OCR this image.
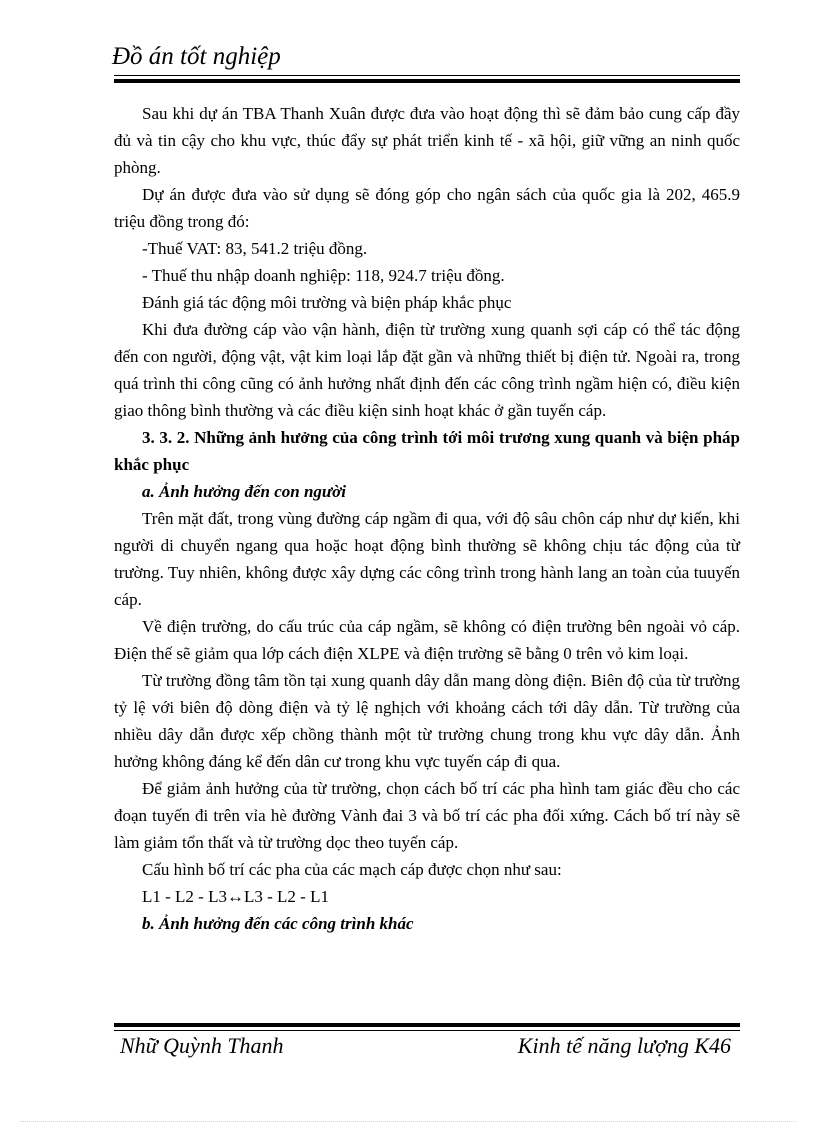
Đồ án tốt nghiệp

Sau khi dự án TBA Thanh Xuân được đưa vào hoạt động thì sẽ đảm bảo cung cấp đầy đủ và tin cậy cho khu vực, thúc đẩy sự phát triển kinh tế - xã hội, giữ vững an ninh quốc phòng.

Dự án được đưa vào sử dụng sẽ đóng góp cho ngân sách của quốc gia là 202, 465.9 triệu đồng trong đó:

-Thuế VAT: 83, 541.2 triệu đồng.

- Thuế thu nhập doanh nghiệp: 118, 924.7 triệu đồng.

Đánh giá tác động môi trường và biện pháp khắc phục

Khi đưa đường cáp vào vận hành, điện từ trường xung quanh sợi cáp có thể tác động đến con người, động vật, vật kim loại lắp đặt gần và những thiết bị điện tử. Ngoài ra, trong quá trình thi công cũng có ảnh hưởng nhất định đến các công trình ngầm hiện có, điều kiện giao thông bình thường và các điều kiện sinh hoạt khác ở gần tuyến cáp.

3. 3. 2. Những ảnh hưởng của công trình tới môi trương xung quanh và biện pháp khắc phục

a. Ảnh hưởng đến con người

Trên mặt đất, trong vùng đường cáp ngầm đi qua, với độ sâu chôn cáp như dự kiến, khi người di chuyển ngang qua hoặc hoạt động bình thường sẽ không chịu tác động của từ trường. Tuy nhiên, không được xây dựng các công trình trong hành lang an toàn của tuuyến cáp.

Về điện trường, do cấu trúc của cáp ngầm, sẽ không có điện trường bên ngoài vỏ cáp. Điện thế sẽ giảm qua lớp cách điện XLPE và điện trường sẽ bằng 0 trên vỏ kim loại.

Từ trường đồng tâm tồn tại xung quanh dây dẫn mang dòng điện. Biên độ của từ trường tỷ lệ với biên độ dòng điện và tỷ lệ nghịch với khoảng cách tới dây dẫn. Từ trường của nhiều dây dẫn được xếp chồng thành một từ trường chung trong khu vực dây dẫn. Ảnh hưởng không đáng kể đến dân cư trong khu vực tuyến cáp đi qua.

Để giảm ảnh hưởng của từ trường, chọn cách bố trí các pha hình tam giác đều cho các đoạn tuyến đi trên vỉa hè đường Vành đai 3 và bố trí các pha đối xứng. Cách bố trí này sẽ làm giảm tổn thất và từ trường dọc theo tuyến cáp.

Cấu hình bố trí các pha của các mạch cáp được chọn như sau:

L1 - L2 - L3↔L3 - L2 - L1

b. Ảnh hưởng đến các công trình khác

Nhữ Quỳnh Thanh	Kinh tế năng lượng K46
